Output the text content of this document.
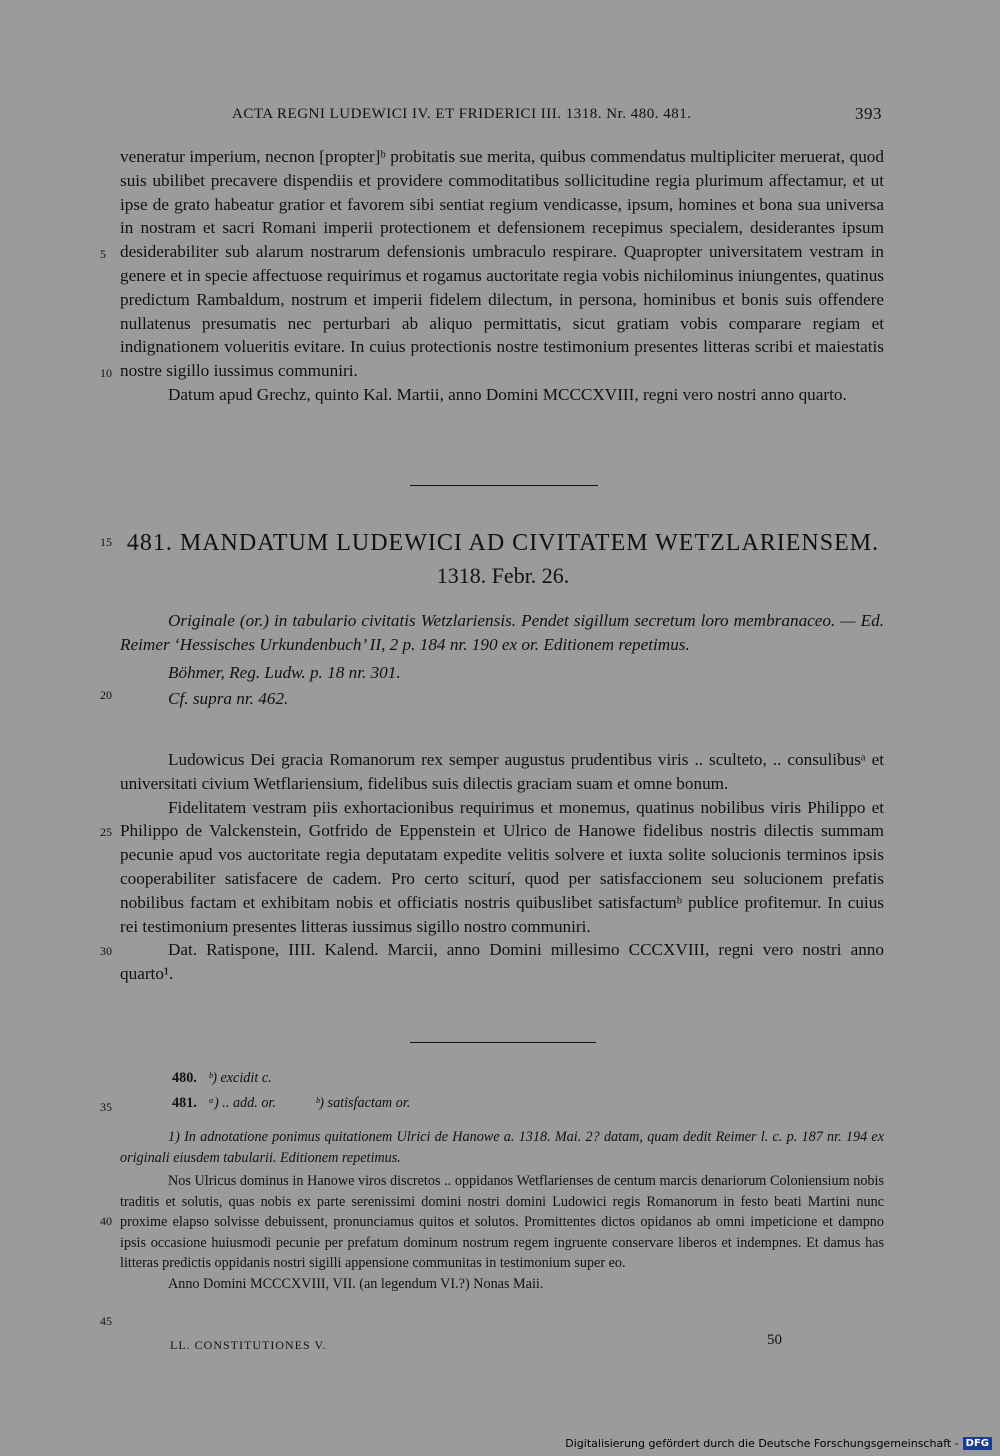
ACTA REGNI LUDEWICI IV. ET FRIDERICI III. 1318. Nr. 480. 481.	393
5
10
15
20
25
30
35
40
45

veneratur imperium, necnon [propter]ᵇ probitatis sue merita, quibus commendatus multipliciter meruerat, quod suis ubilibet precavere dispendiis et providere commoditatibus sollicitudine regia plurimum affectamur, et ut ipse de grato habeatur gratior et favorem sibi sentiat regium vendicasse, ipsum, homines et bona sua universa in nostram et sacri Romani imperii protectionem et defensionem recepimus specialem, desiderantes ipsum desiderabiliter sub alarum nostrarum defensionis umbraculo respirare. Quapropter universitatem vestram in genere et in specie affectuose requirimus et rogamus auctoritate regia vobis nichilominus iniungentes, quatinus predictum Rambaldum, nostrum et imperii fidelem dilectum, in persona, hominibus et bonis suis offendere nullatenus presumatis nec perturbari ab aliquo permittatis, sicut gratiam vobis comparare regiam et indignationem volueritis evitare. In cuius protectionis nostre testimonium presentes litteras scribi et maiestatis nostre sigillo iussimus communiri.

Datum apud Grechz, quinto Kal. Martii, anno Domini MCCCXVIII, regni vero nostri anno quarto.

481. MANDATUM LUDEWICI AD CIVITATEM WETZLARIENSEM.
1318. Febr. 26.

Originale (or.) in tabulario civitatis Wetzlariensis. Pendet sigillum secretum loro membranaceo. — Ed. Reimer ‘Hessisches Urkundenbuch’ II, 2 p. 184 nr. 190 ex or. Editionem repetimus.

Böhmer, Reg. Ludw. p. 18 nr. 301.

Cf. supra nr. 462.

Ludowicus Dei gracia Romanorum rex semper augustus prudentibus viris .. sculteto, .. consulibusᵃ et universitati civium Wetflariensium, fidelibus suis dilectis graciam suam et omne bonum.

Fidelitatem vestram piis exhortacionibus requirimus et monemus, quatinus nobilibus viris Philippo et Philippo de Valckenstein, Gotfrido de Eppenstein et Ulrico de Hanowe fidelibus nostris dilectis summam pecunie apud vos auctoritate regia deputatam expedite velitis solvere et iuxta solite solucionis terminos ipsis cooperabiliter satisfacere de cadem. Pro certo sciturí, quod per satisfaccionem seu solucionem prefatis nobilibus factam et exhibitam nobis et officiatis nostris quibuslibet satisfactumᵇ publice profitemur. In cuius rei testimonium presentes litteras iussimus sigillo nostro communiri.

Dat. Ratispone, IIII. Kalend. Marcii, anno Domini millesimo CCCXVIII, regni vero nostri anno quarto¹.

480. ᵇ) excidit c.

481. ᵃ) .. add. or.	ᵇ) satisfactam or.

1) In adnotatione ponimus quitationem Ulrici de Hanowe a. 1318. Mai. 2? datam, quam dedit Reimer l. c. p. 187 nr. 194 ex originali eiusdem tabularii. Editionem repetimus.

Nos Ulricus dominus in Hanowe viros discretos .. oppidanos Wetflarienses de centum marcis denariorum Coloniensium nobis traditis et solutis, quas nobis ex parte serenissimi domini nostri domini Ludowici regis Romanorum in festo beati Martini nunc proxime elapso solvisse debuissent, pronunciamus quitos et solutos. Promittentes dictos opidanos ab omni impeticione et dampno ipsis occasione huiusmodi pecunie per prefatum dominum nostrum regem ingruente conservare liberos et indempnes. Et damus has litteras predictis oppidanis nostri sigilli appensione communitas in testimonium super eo.

Anno Domini MCCCXVIII, VII. (an legendum VI.?) Nonas Maii.

LL. CONSTITUTIONES V.	50
Digitalisierung gefördert durch die Deutsche Forschungsgemeinschaft - DFG
